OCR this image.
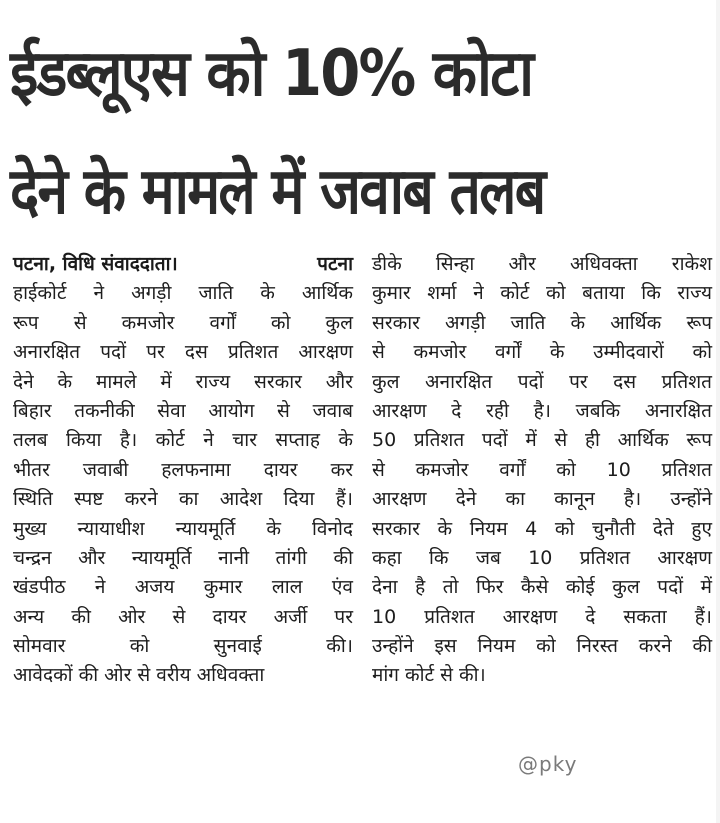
ईडब्लूएस को 10% कोटा
देने के मामले में जवाब तलब
पटना, विधि संवाददाता।	पटना
हाईकोर्ट ने अगड़ी जाति के आर्थिक
रूप से कमजोर वर्गों को कुल
अनारक्षित पदों पर दस प्रतिशत आरक्षण
देने के मामले में राज्य सरकार और
बिहार तकनीकी सेवा आयोग से जवाब
तलब किया है। कोर्ट ने चार सप्ताह के
भीतर जवाबी हलफनामा दायर कर
स्थिति स्पष्ट करने का आदेश दिया हैं।
मुख्य न्यायाधीश न्यायमूर्ति के विनोद
चन्द्रन और न्यायमूर्ति नानी तांगी की
खंडपीठ ने अजय कुमार लाल एंव
अन्य की ओर से दायर अर्जी पर
सोमवार को सुनवाई की।
आवेदकों की ओर से वरीय अधिवक्ता
डीके सिन्हा और अधिवक्ता राकेश
कुमार शर्मा ने कोर्ट को बताया कि राज्य
सरकार अगड़ी जाति के आर्थिक रूप
से कमजोर वर्गों के उम्मीदवारों को
कुल अनारक्षित पदों पर दस प्रतिशत
आरक्षण दे रही है। जबकि अनारक्षित
50 प्रतिशत पदों में से ही आर्थिक रूप
से कमजोर वर्गों को 10 प्रतिशत
आरक्षण देने का कानून है। उन्होंने
सरकार के नियम 4 को चुनौती देते हुए
कहा कि जब 10 प्रतिशत आरक्षण
देना है तो फिर कैसे कोई कुल पदों में
10 प्रतिशत आरक्षण दे सकता हैं।
उन्होंने इस नियम को निरस्त करने की
मांग कोर्ट से की।
@pky
